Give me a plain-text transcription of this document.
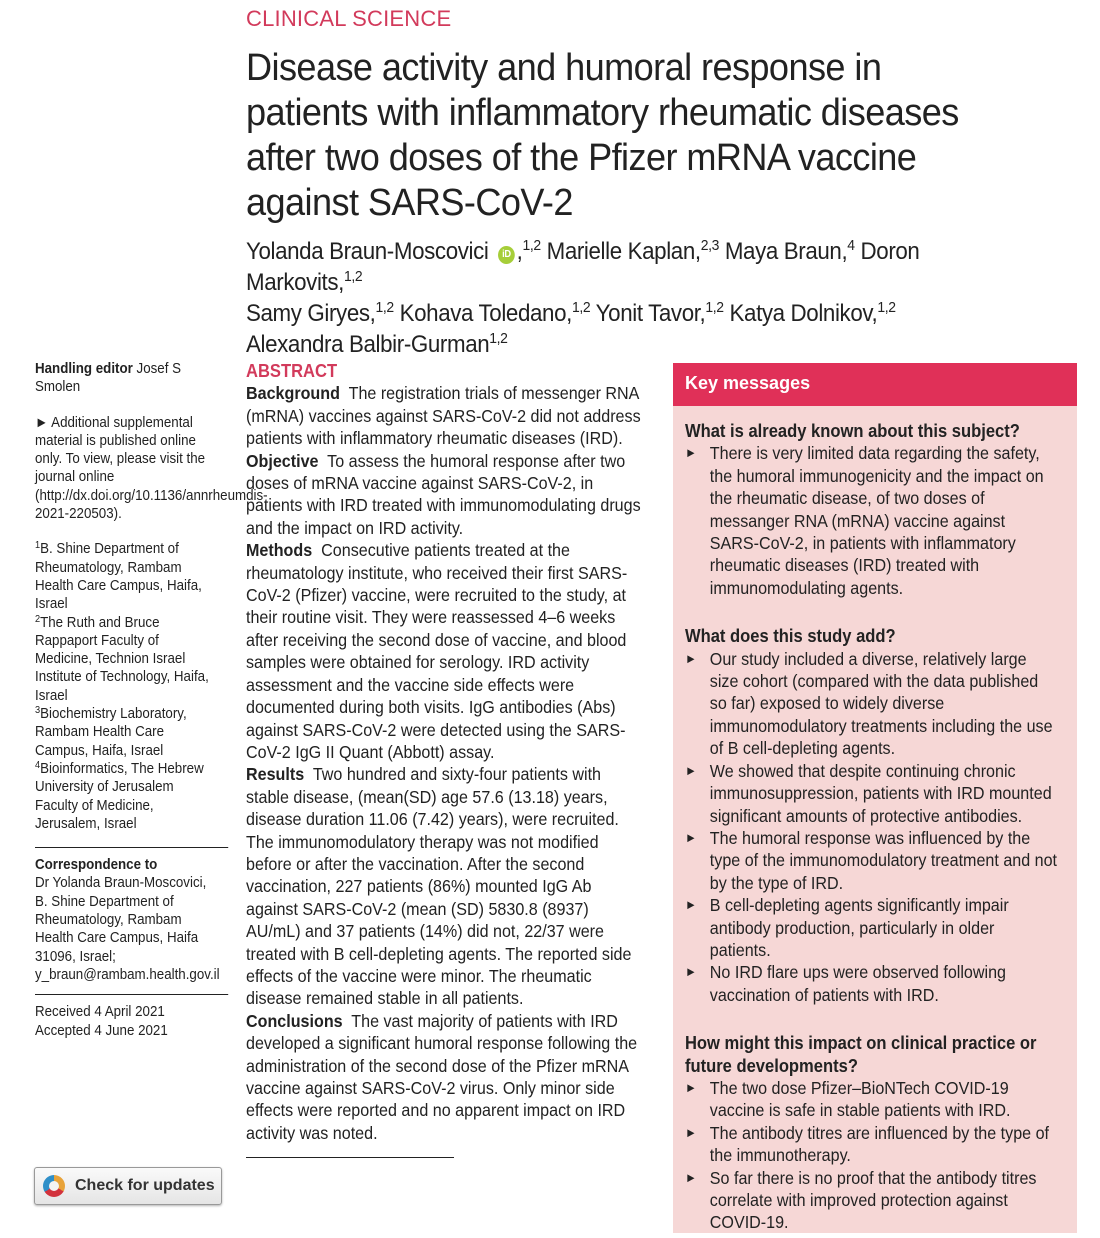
CLINICAL SCIENCE
Disease activity and humoral response in patients with inflammatory rheumatic diseases after two doses of the Pfizer mRNA vaccine against SARS-CoV-2
Yolanda Braun-Moscovici iD ,$^{1,2}$ Marielle Kaplan,$^{2,3}$ Maya Braun,$^4$ Doron Markovits,$^{1,2}$
Samy Giryes,$^{1,2}$ Kohava Toledano,$^{1,2}$ Yonit Tavor,$^{1,2}$ Katya Dolnikov,$^{1,2}$
Alexandra Balbir-Gurman$^{1,2}$

Handling editor Josef S Smolen

► Additional supplemental material is published online only. To view, please visit the journal online (http://dx.doi.org/10.1136/annrheumdis-2021-220503).

$^1$B. Shine Department of Rheumatology, Rambam Health Care Campus, Haifa, Israel

$^2$The Ruth and Bruce Rappaport Faculty of Medicine, Technion Israel Institute of Technology, Haifa, Israel

$^3$Biochemistry Laboratory, Rambam Health Care Campus, Haifa, Israel

$^4$Bioinformatics, The Hebrew University of Jerusalem Faculty of Medicine, Jerusalem, Israel

Correspondence to

Dr Yolanda Braun-Moscovici, B. Shine Department of Rheumatology, Rambam Health Care Campus, Haifa 31096, Israel; y_braun@rambam.health.gov.il

Received 4 April 2021

Accepted 4 June 2021

ABSTRACT

Background The registration trials of messenger RNA (mRNA) vaccines against SARS-CoV-2 did not address patients with inflammatory rheumatic diseases (IRD).

Objective To assess the humoral response after two doses of mRNA vaccine against SARS-CoV-2, in patients with IRD treated with immunomodulating drugs and the impact on IRD activity.

Methods Consecutive patients treated at the rheumatology institute, who received their first SARS-CoV-2 (Pfizer) vaccine, were recruited to the study, at their routine visit. They were reassessed 4–6 weeks after receiving the second dose of vaccine, and blood samples were obtained for serology. IRD activity assessment and the vaccine side effects were documented during both visits. IgG antibodies (Abs) against SARS-CoV-2 were detected using the SARS-CoV-2 IgG II Quant (Abbott) assay.

Results Two hundred and sixty-four patients with stable disease, (mean(SD) age 57.6 (13.18) years, disease duration 11.06 (7.42) years), were recruited. The immunomodulatory therapy was not modified before or after the vaccination. After the second vaccination, 227 patients (86%) mounted IgG Ab against SARS-CoV-2 (mean (SD) 5830.8 (8937) AU/mL) and 37 patients (14%) did not, 22/37 were treated with B cell-depleting agents. The reported side effects of the vaccine were minor. The rheumatic disease remained stable in all patients.

Conclusions The vast majority of patients with IRD developed a significant humoral response following the administration of the second dose of the Pfizer mRNA vaccine against SARS-CoV-2 virus. Only minor side effects were reported and no apparent impact on IRD activity was noted.

Key messages
What is already known about this subject?
► There is very limited data regarding the safety, the humoral immunogenicity and the impact on the rheumatic disease, of two doses of messanger RNA (mRNA) vaccine against SARS-CoV-2, in patients with inflammatory rheumatic diseases (IRD) treated with immunomodulating agents.
What does this study add?
► Our study included a diverse, relatively large size cohort (compared with the data published so far) exposed to widely diverse immunomodulatory treatments including the use of B cell-depleting agents.
► We showed that despite continuing chronic immunosuppression, patients with IRD mounted significant amounts of protective antibodies.
► The humoral response was influenced by the type of the immunomodulatory treatment and not by the type of IRD.
► B cell-depleting agents significantly impair antibody production, particularly in older patients.
► No IRD flare ups were observed following vaccination of patients with IRD.
How might this impact on clinical practice or future developments?
► The two dose Pfizer–BioNTech COVID-19 vaccine is safe in stable patients with IRD.
► The antibody titres are influenced by the type of the immunotherapy.
► So far there is no proof that the antibody titres correlate with improved protection against COVID-19.
Check for updates
